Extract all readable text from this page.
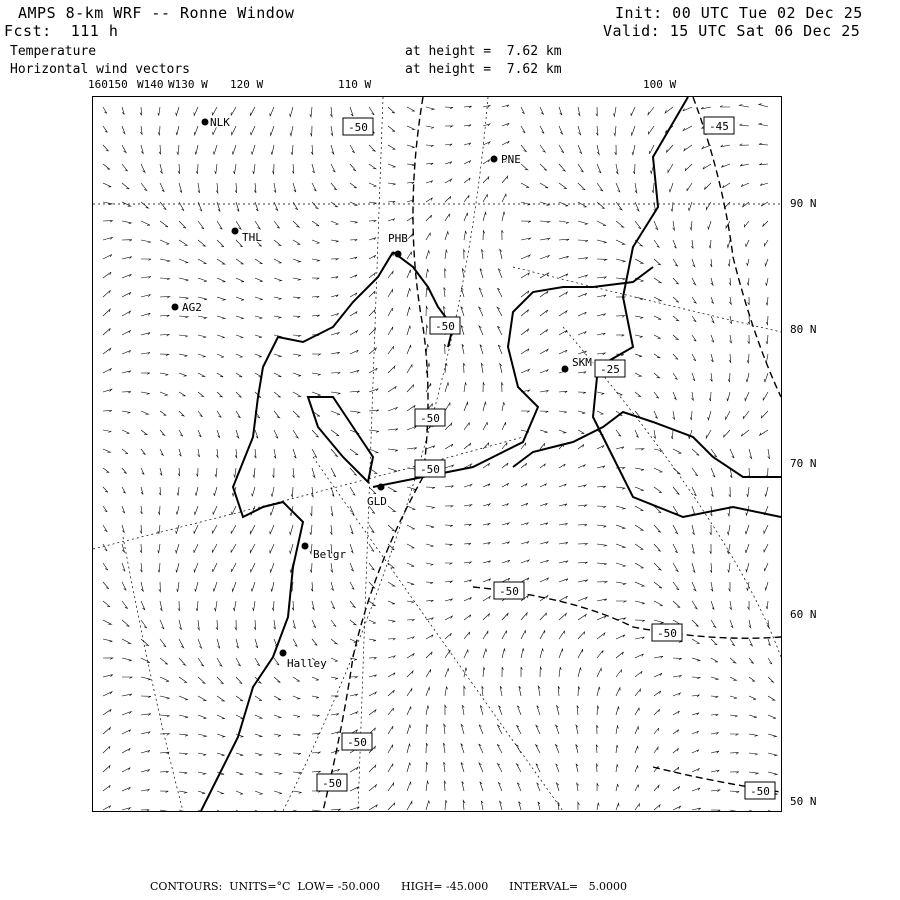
AMPS 8-km WRF -- Ronne Window
Fcst:  111 h
Init: 00 UTC Tue 02 Dec 25
Valid: 15 UTC Sat 06 Dec 25
Temperature
Horizontal wind vectors
at height =  7.62 km
at height =  7.62 km
160150 W140 W130 W 120 W	110 W	100 W
90 N
80 N
70 N
60 N
50 N
NLK
PNE
THL	PHB
AG2
SKM
GLD
Belgr
Halley
-50	-45
-50
-25
-50
-50
-50
-50
-50
-50
-50
CONTOURS:  UNITS=°C  LOW= -50.000      HIGH= -45.000      INTERVAL=   5.0000
